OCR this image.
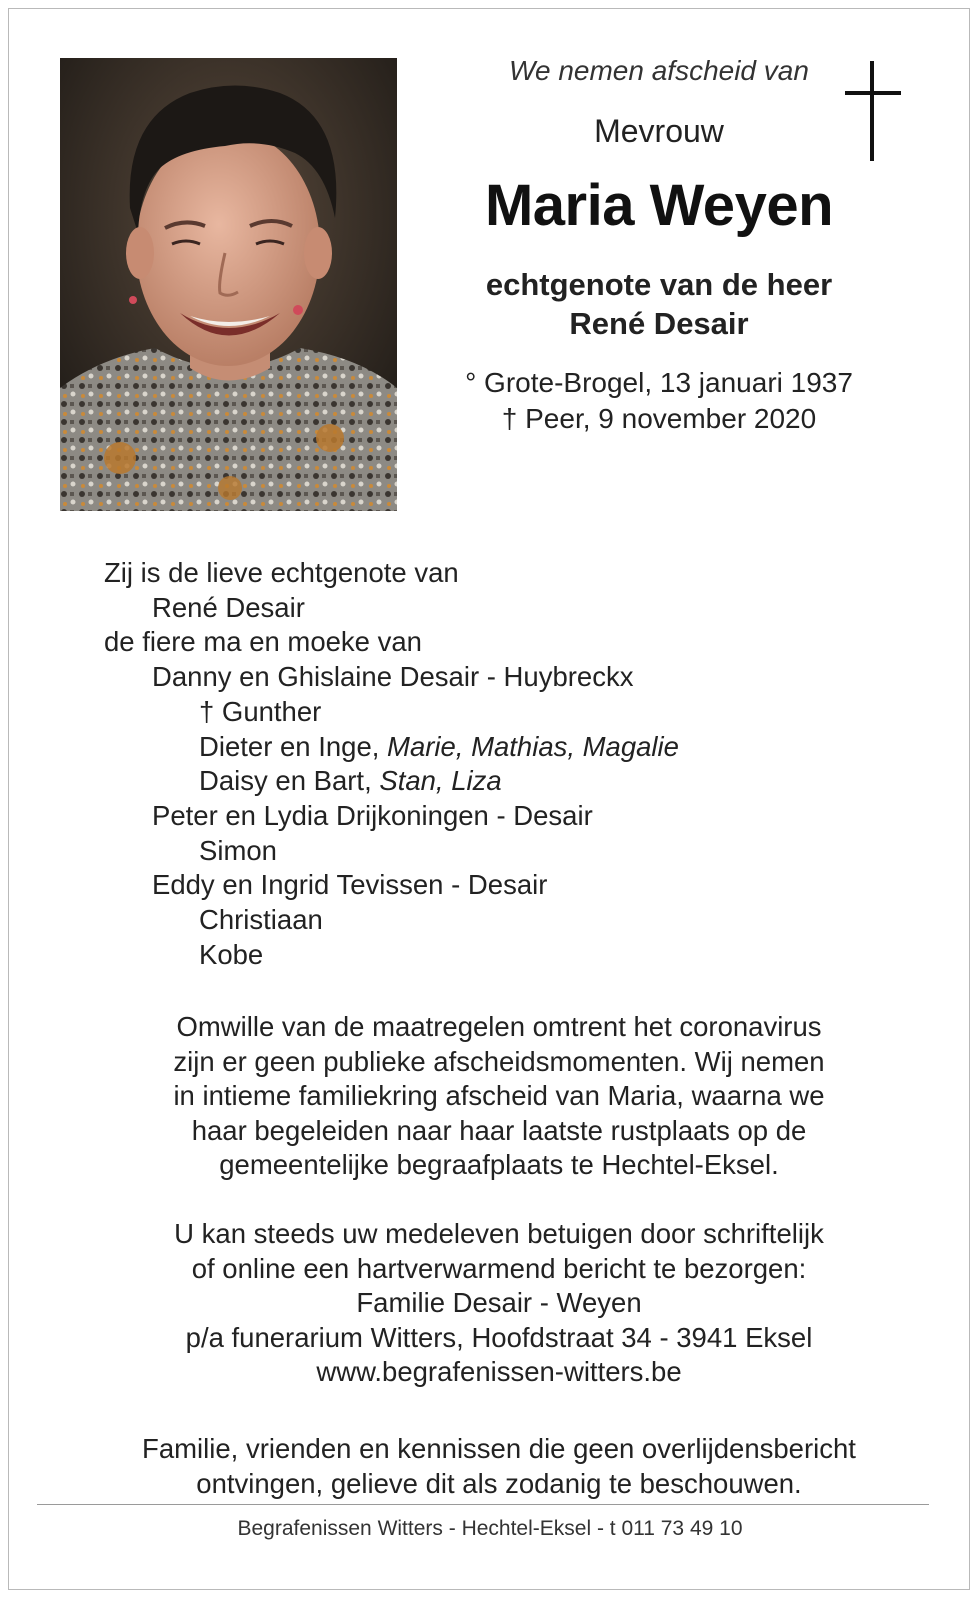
We nemen afscheid van
Mevrouw
Maria Weyen
echtgenote van de heer
René Desair
° Grote-Brogel, 13 januari 1937
† Peer, 9 november 2020
Zij is de lieve echtgenote van
René Desair
de fiere ma en moeke van
Danny en Ghislaine Desair - Huybreckx
† Gunther
Dieter en Inge, Marie, Mathias, Magalie
Daisy en Bart, Stan, Liza
Peter en Lydia Drijkoningen - Desair
Simon
Eddy en Ingrid Tevissen - Desair
Christiaan
Kobe
Omwille van de maatregelen omtrent het coronavirus
zijn er geen publieke afscheidsmomenten. Wij nemen
in intieme familiekring afscheid van Maria, waarna we
haar begeleiden naar haar laatste rustplaats op de
gemeentelijke begraafplaats te Hechtel-Eksel.
U kan steeds uw medeleven betuigen door schriftelijk
of online een hartverwarmend bericht te bezorgen:
Familie Desair - Weyen
p/a funerarium Witters, Hoofdstraat 34 - 3941 Eksel
www.begrafenissen-witters.be
Familie, vrienden en kennissen die geen overlijdensbericht
ontvingen, gelieve dit als zodanig te beschouwen.
Begrafenissen Witters - Hechtel-Eksel - t 011 73 49 10
